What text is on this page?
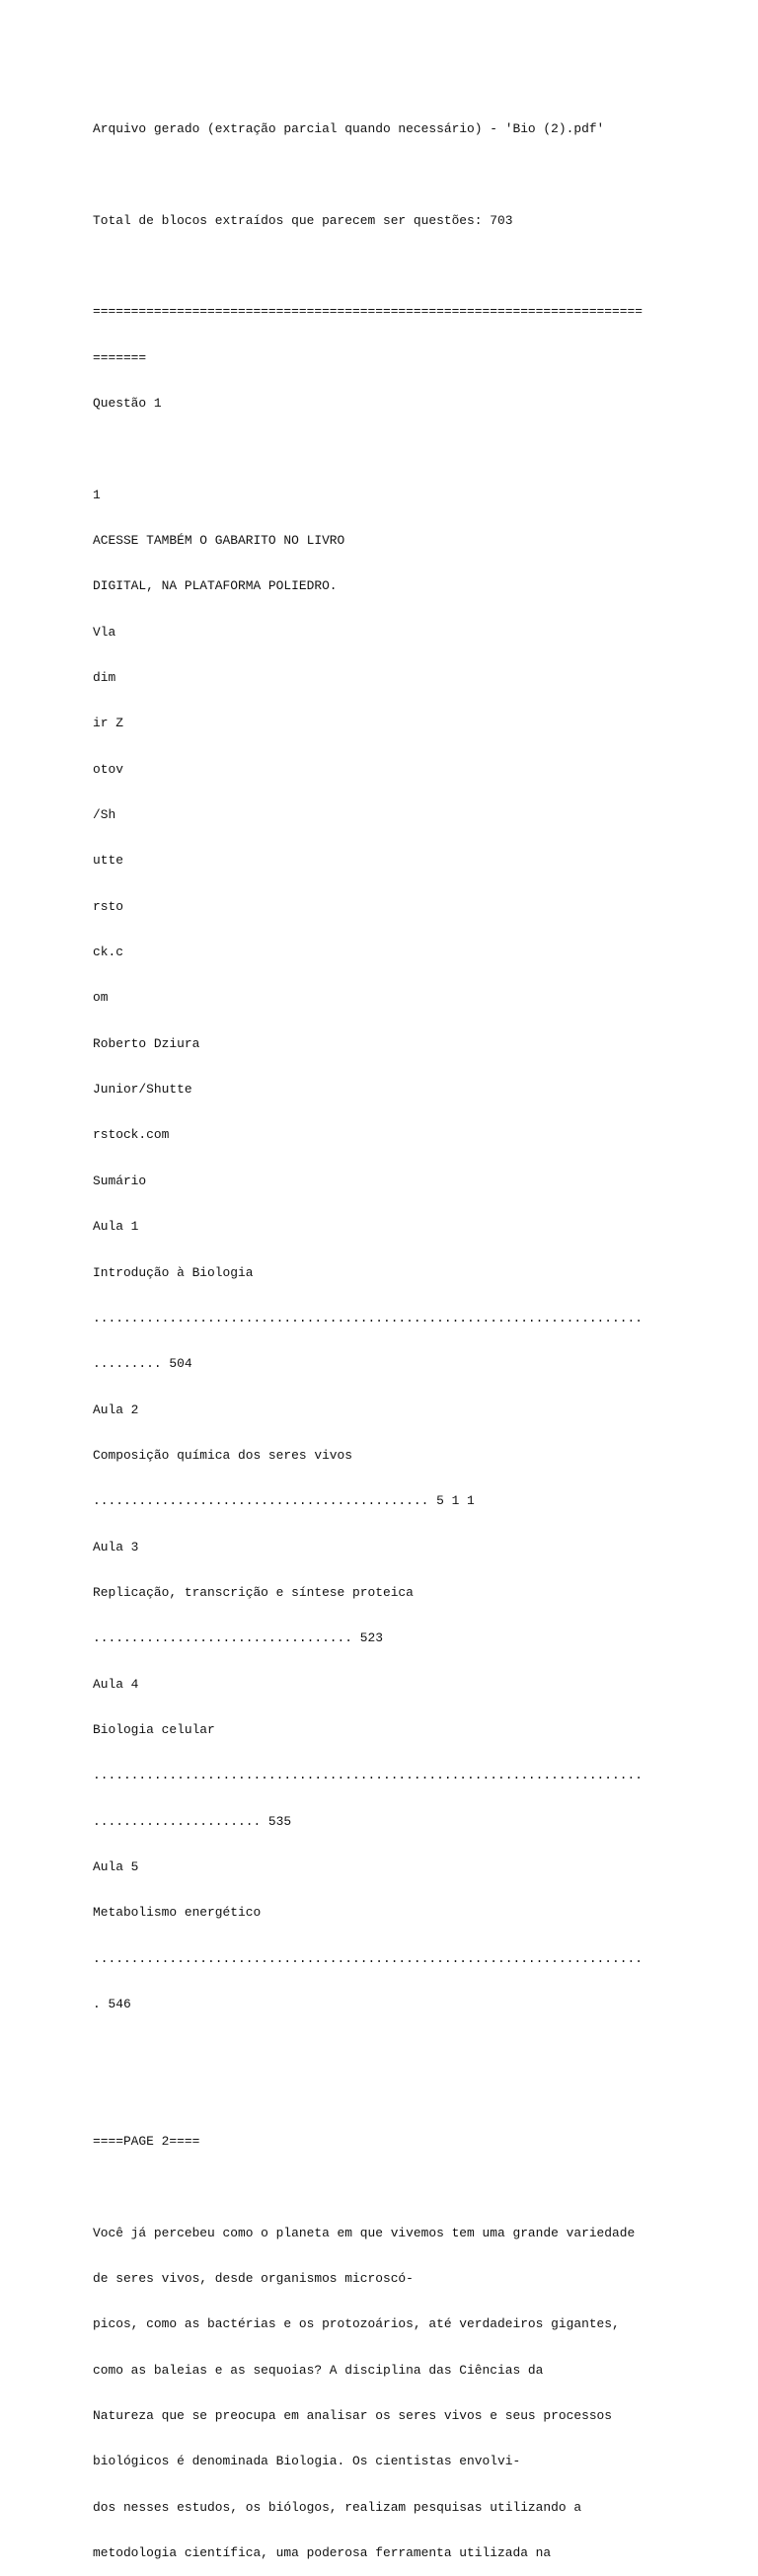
Arquivo gerado (extração parcial quando necessário) - 'Bio (2).pdf'

Total de blocos extraídos que parecem ser questões: 703

========================================================================

=======

Questão 1

1

ACESSE TAMBÉM O GABARITO NO LIVRO

DIGITAL, NA PLATAFORMA POLIEDRO.

Vla

dim

ir Z

otov

/Sh

utte

rsto

ck.c

om

Roberto Dziura

Junior/Shutte

rstock.com

Sumário

Aula 1

Introdução à Biologia

........................................................................

......... 504

Aula 2

Composição química dos seres vivos

............................................ 5 1 1

Aula 3

Replicação, transcrição e síntese proteica

.................................. 523

Aula 4

Biologia celular

........................................................................

...................... 535

Aula 5

Metabolismo energético

........................................................................

. 546

====PAGE 2====

Você já percebeu como o planeta em que vivemos tem uma grande variedade

de seres vivos, desde organismos microscó-

picos, como as bactérias e os protozoários, até verdadeiros gigantes,

como as baleias e as sequoias? A disciplina das Ciências da

Natureza que se preocupa em analisar os seres vivos e seus processos

biológicos é denominada Biologia. Os cientistas envolvi-

dos nesses estudos, os biólogos, realizam pesquisas utilizando a

metodologia científica, uma poderosa ferramenta utilizada na
